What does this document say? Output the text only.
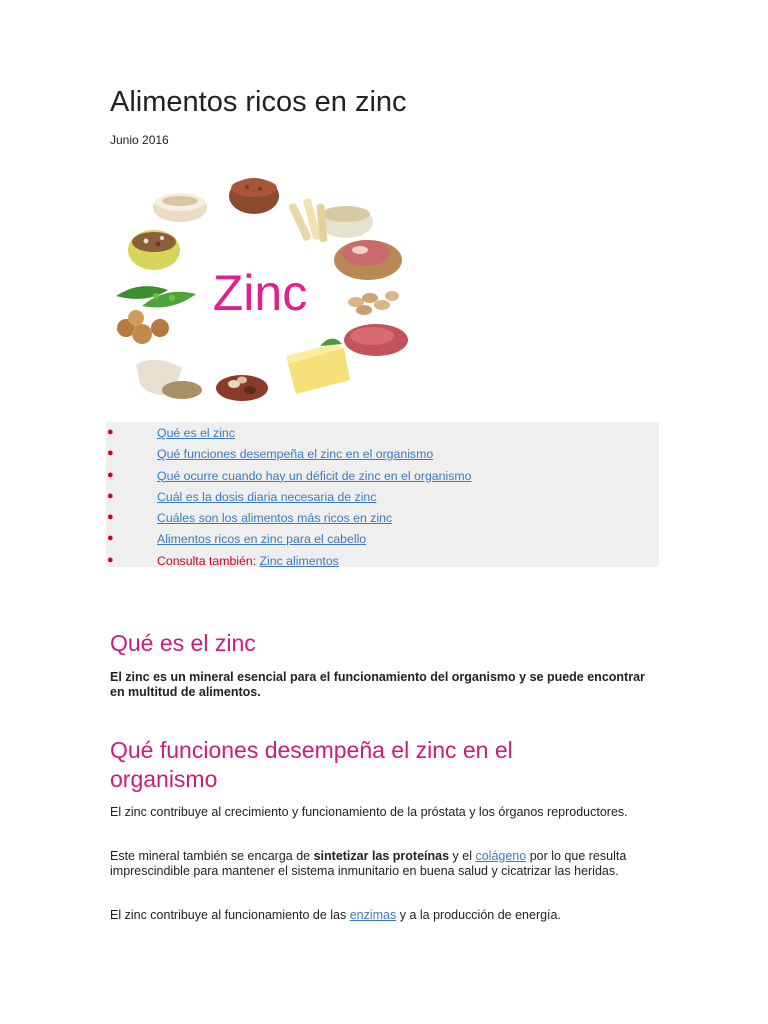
Alimentos ricos en zinc
Junio 2016
Zinc
●	Qué es el zinc
●	Qué funciones desempeña el zinc en el organismo
●	Qué ocurre cuando hay un déficit de zinc en el organismo
●	Cuál es la dosis diaria necesaria de zinc
●	Cuáles son los alimentos más ricos en zinc
●	Alimentos ricos en zinc para el cabello
●	Consulta también: Zinc alimentos
Qué es el zinc

El zinc es un mineral esencial para el funcionamiento del organismo y se puede encontrar en multitud de alimentos.

Qué funciones desempeña el zinc en el organismo

El zinc contribuye al crecimiento y funcionamiento de la próstata y los órganos reproductores.

Este mineral también se encarga de sintetizar las proteínas y el colágeno por lo que resulta imprescindible para mantener el sistema inmunitario en buena salud y cicatrizar las heridas.

El zinc contribuye al funcionamiento de las enzimas y a la producción de energía.
